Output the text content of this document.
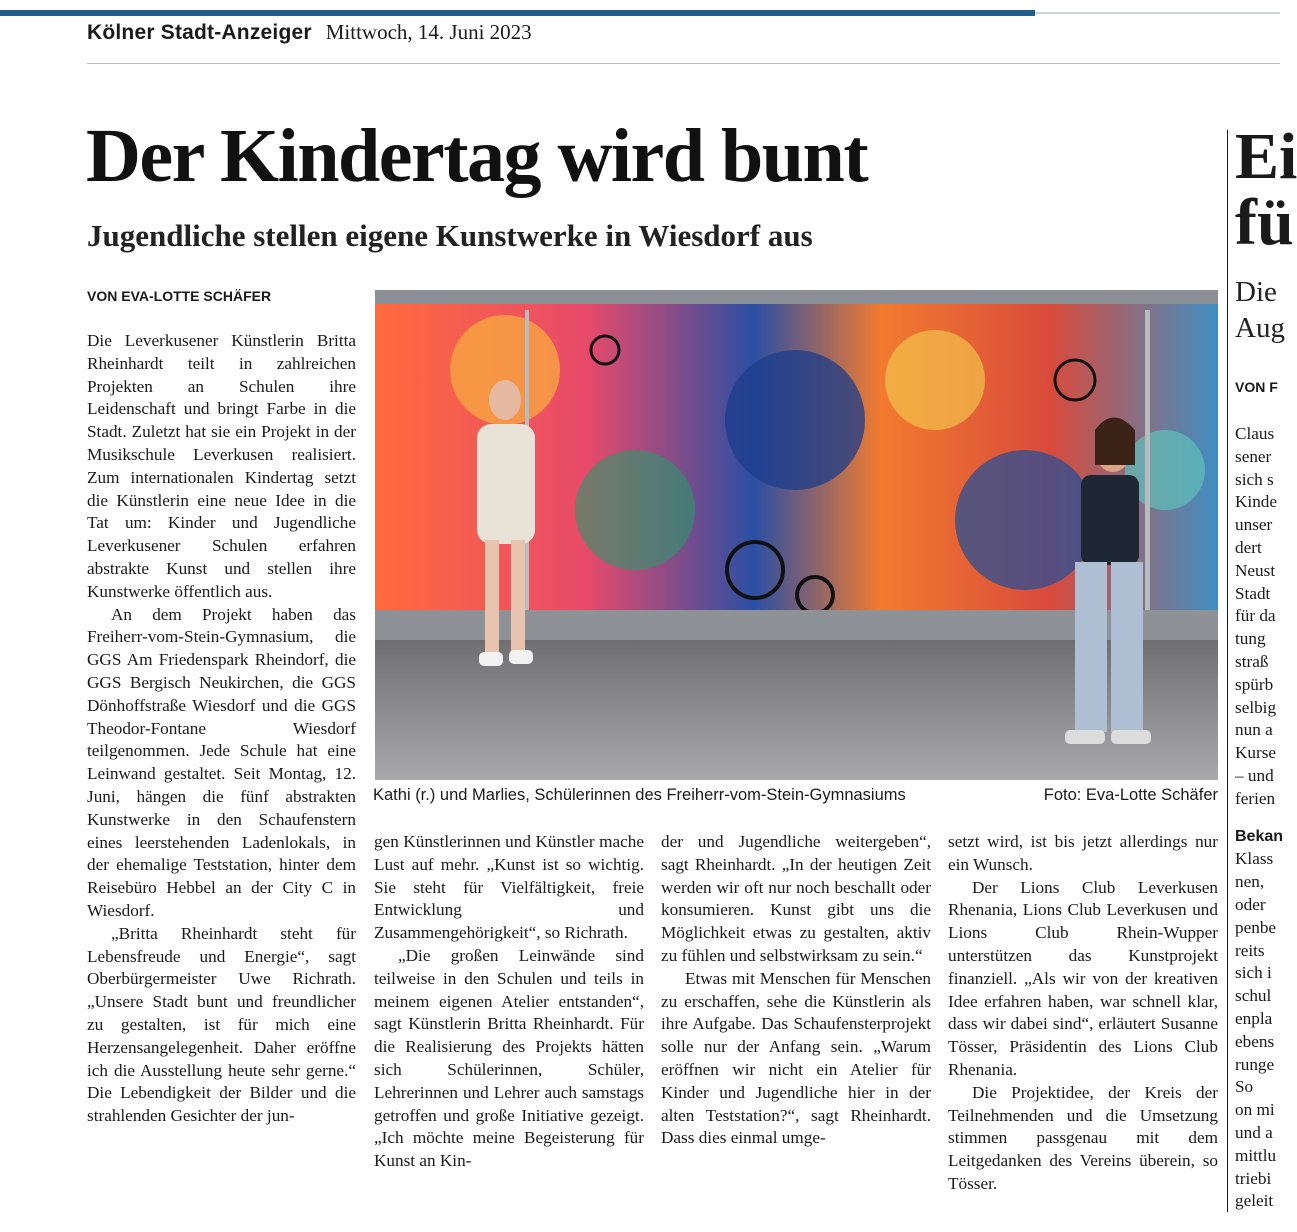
Kölner Stadt-Anzeiger Mittwoch, 14. Juni 2023
Der Kindertag wird bunt
Jugendliche stellen eigene Kunstwerke in Wiesdorf aus
VON EVA-LOTTE SCHÄFER

Die Leverkusener Künstlerin Britta Rheinhardt teilt in zahlreichen Projekten an Schulen ihre Leidenschaft und bringt Farbe in die Stadt. Zuletzt hat sie ein Projekt in der Musikschule Leverkusen realisiert. Zum internationalen Kindertag setzt die Künstlerin eine neue Idee in die Tat um: Kinder und Jugendliche Leverkusener Schulen erfahren abstrakte Kunst und stellen ihre Kunstwerke öffentlich aus.

An dem Projekt haben das Freiherr-vom-Stein-Gymnasium, die GGS Am Friedenspark Rheindorf, die GGS Bergisch Neukirchen, die GGS Dönhoffstraße Wiesdorf und die GGS Theodor-Fontane Wiesdorf teilgenommen. Jede Schule hat eine Leinwand gestaltet. Seit Montag, 12. Juni, hängen die fünf abstrakten Kunstwerke in den Schaufenstern eines leerstehenden Ladenlokals, in der ehemalige Teststation, hinter dem Reisebüro Hebbel an der City C in Wiesdorf.

„Britta Rheinhardt steht für Lebensfreude und Energie“, sagt Oberbürgermeister Uwe Richrath. „Unsere Stadt bunt und freundlicher zu gestalten, ist für mich eine Herzensangelegenheit. Daher eröffne ich die Ausstellung heute sehr gerne.“ Die Lebendigkeit der Bilder und die strahlenden Gesichter der jun-

Kathi (r.) und Marlies, Schülerinnen des Freiherr-vom-Stein-Gymnasiums	Foto: Eva-Lotte Schäfer

gen Künstlerinnen und Künstler mache Lust auf mehr. „Kunst ist so wichtig. Sie steht für Vielfältigkeit, freie Entwicklung und Zusammengehörigkeit“, so Richrath.

„Die großen Leinwände sind teilweise in den Schulen und teils in meinem eigenen Atelier entstanden“, sagt Künstlerin Britta Rheinhardt. Für die Realisierung des Projekts hätten sich Schülerinnen, Schüler, Lehrerinnen und Lehrer auch samstags getroffen und große Initiative gezeigt. „Ich möchte meine Begeisterung für Kunst an Kin-

der und Jugendliche weitergeben“, sagt Rheinhardt. „In der heutigen Zeit werden wir oft nur noch beschallt oder konsumieren. Kunst gibt uns die Möglichkeit etwas zu gestalten, aktiv zu fühlen und selbstwirksam zu sein.“

Etwas mit Menschen für Menschen zu erschaffen, sehe die Künstlerin als ihre Aufgabe. Das Schaufensterprojekt solle nur der Anfang sein. „Warum eröffnen wir nicht ein Atelier für Kinder und Jugendliche hier in der alten Teststation?“, sagt Rheinhardt. Dass dies einmal umge-

setzt wird, ist bis jetzt allerdings nur ein Wunsch.

Der Lions Club Leverkusen Rhenania, Lions Club Leverkusen und Lions Club Rhein-Wupper unterstützen das Kunstprojekt finanziell. „Als wir von der kreativen Idee erfahren haben, war schnell klar, dass wir dabei sind“, erläutert Susanne Tösser, Präsidentin des Lions Club Rhenania.

Die Projektidee, der Kreis der Teilnehmenden und die Umsetzung stimmen passgenau mit dem Leitgedanken des Vereins überein, so Tösser.

Ei
fü
Die
Aug
VON F
Claus
sener
sich s
Kinde
unser
dert
Neust
Stadt
für da
tung
straß
spürb
selbig
nun a
Kurse
– und
ferien
Bekan
Klass
nen,
oder
penbe
reits
sich i
schul
enpla
ebens
runge
So
on mi
und a
mittlu
triebi
geleit
